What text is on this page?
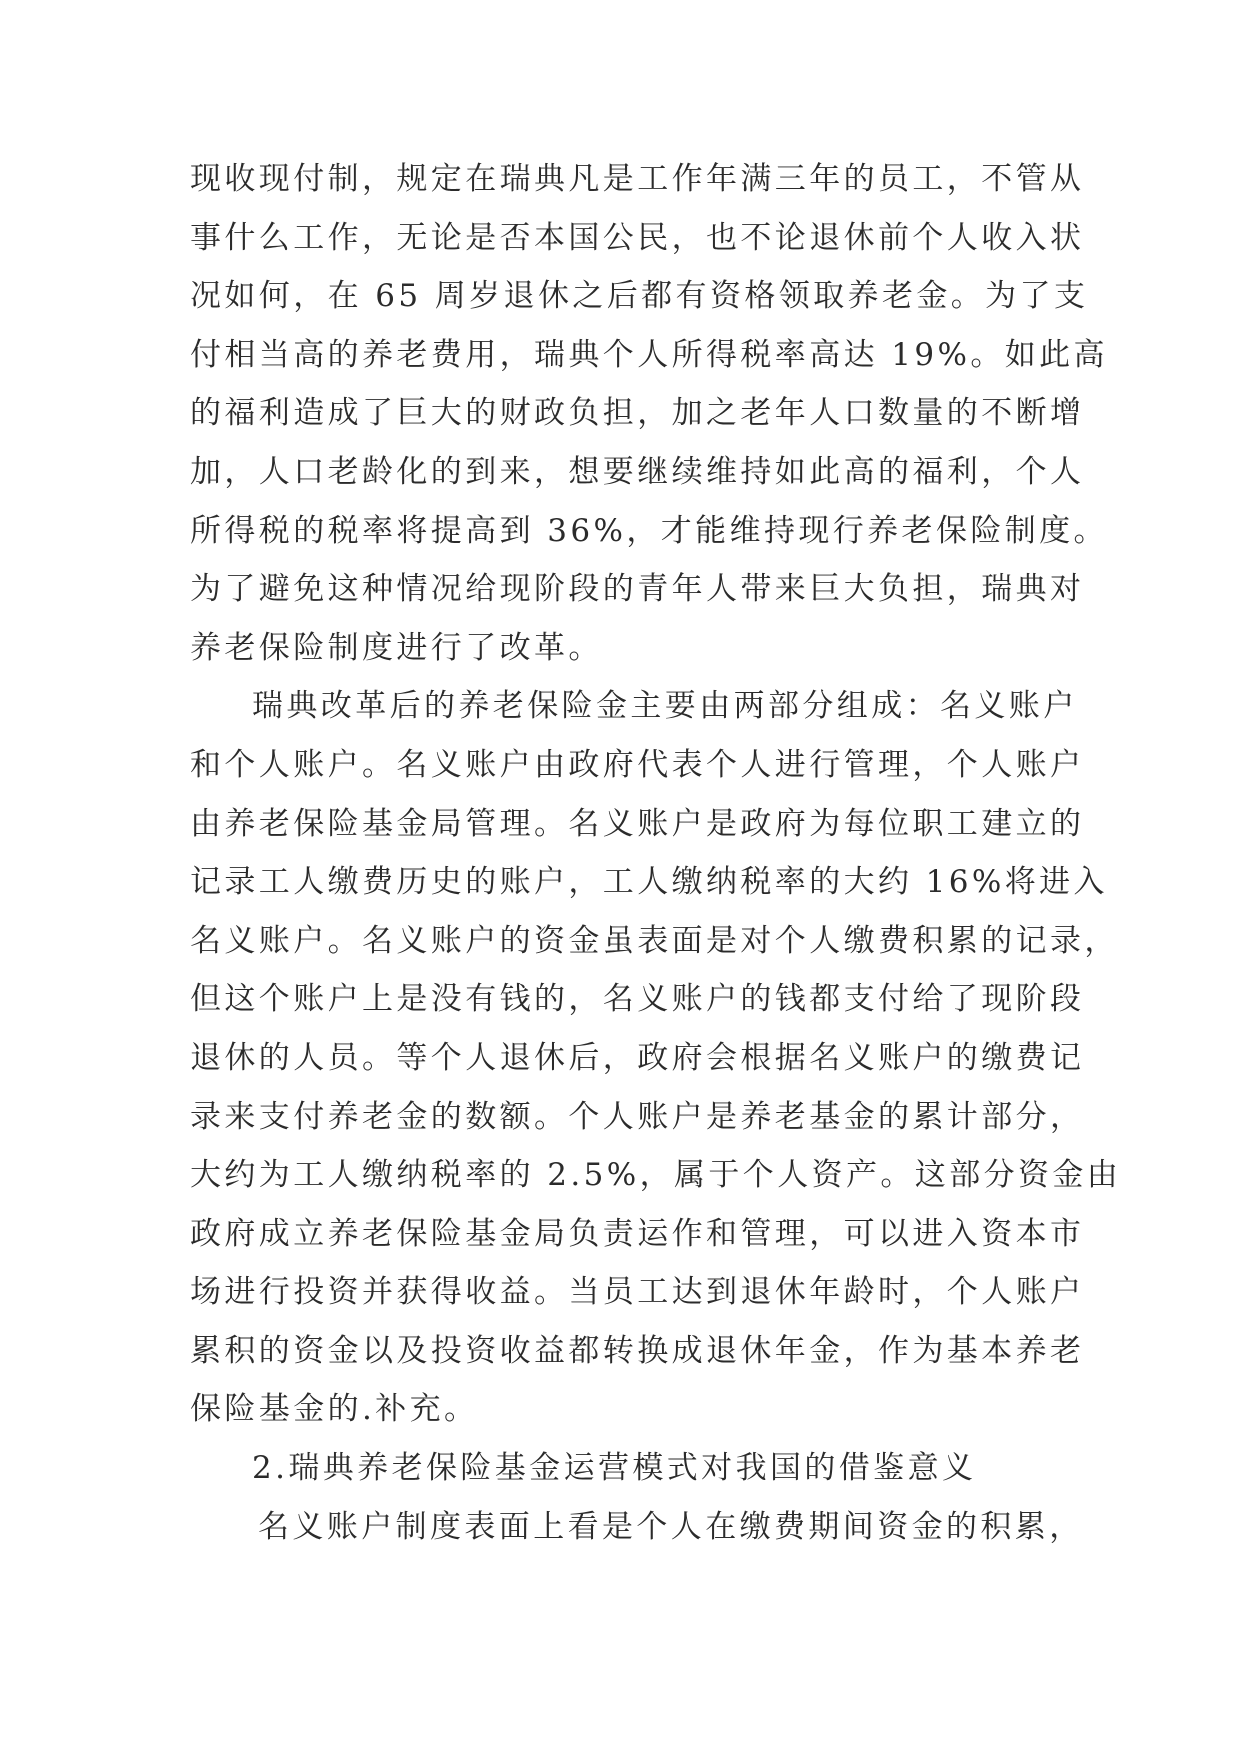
现收现付制，规定在瑞典凡是工作年满三年的员工，不管从
事什么工作，无论是否本国公民，也不论退休前个人收入状
况如何，在 65 周岁退休之后都有资格领取养老金。为了支
付相当高的养老费用，瑞典个人所得税率高达 19%。如此高
的福利造成了巨大的财政负担，加之老年人口数量的不断增
加，人口老龄化的到来，想要继续维持如此高的福利，个人
所得税的税率将提高到 36%，才能维持现行养老保险制度。
为了避免这种情况给现阶段的青年人带来巨大负担，瑞典对
养老保险制度进行了改革。
瑞典改革后的养老保险金主要由两部分组成：名义账户
和个人账户。名义账户由政府代表个人进行管理，个人账户
由养老保险基金局管理。名义账户是政府为每位职工建立的
记录工人缴费历史的账户，工人缴纳税率的大约 16%将进入
名义账户。名义账户的资金虽表面是对个人缴费积累的记录，
但这个账户上是没有钱的，名义账户的钱都支付给了现阶段
退休的人员。等个人退休后，政府会根据名义账户的缴费记
录来支付养老金的数额。个人账户是养老基金的累计部分，
大约为工人缴纳税率的 2.5%，属于个人资产。这部分资金由
政府成立养老保险基金局负责运作和管理，可以进入资本市
场进行投资并获得收益。当员工达到退休年龄时，个人账户
累积的资金以及投资收益都转换成退休年金，作为基本养老
保险基金的.补充。
2.瑞典养老保险基金运营模式对我国的借鉴意义
名义账户制度表面上看是个人在缴费期间资金的积累，
